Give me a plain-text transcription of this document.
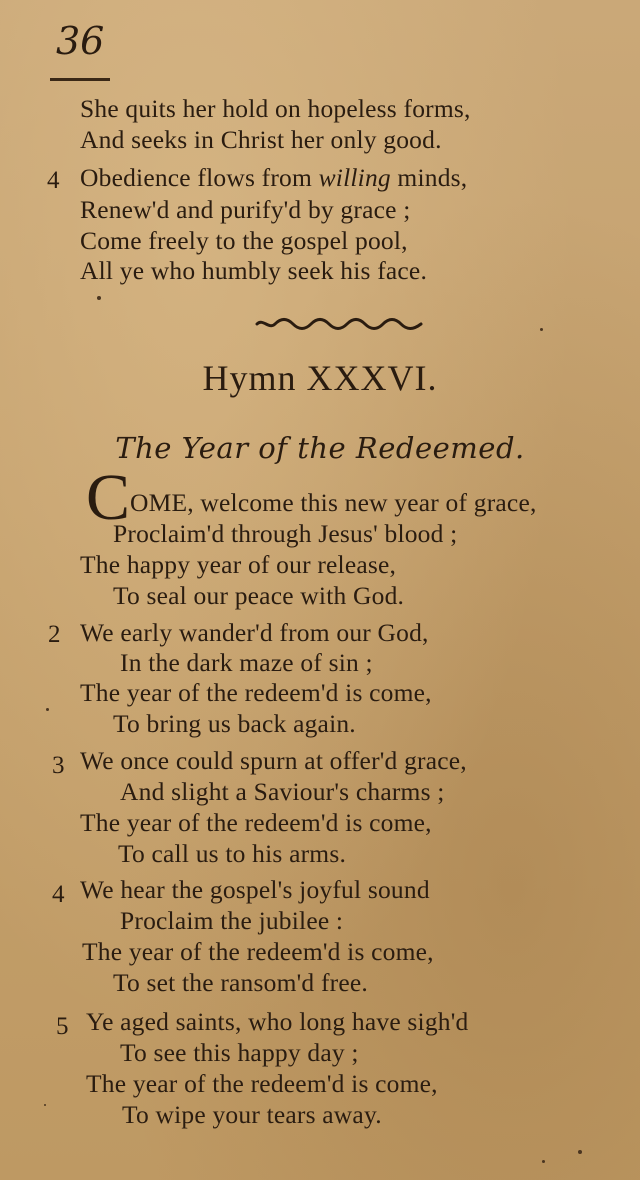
36
She quits her hold on hopeless forms,
And seeks in Christ her only good.
4 Obedience flows from willing minds,
Renew'd and purify'd by grace ;
Come freely to the gospel pool,
All ye who humbly seek his face.
Hymn XXXVI.
The Year of the Redeemed.
C OME, welcome this new year of grace,
Proclaim'd through Jesus' blood ;
The happy year of our release,
To seal our peace with God.
2 We early wander'd from our God,
In the dark maze of sin ;
The year of the redeem'd is come,
To bring us back again.
3 We once could spurn at offer'd grace,
And slight a Saviour's charms ;
The year of the redeem'd is come,
To call us to his arms.
4 We hear the gospel's joyful sound
Proclaim the jubilee :
The year of the redeem'd is come,
To set the ransom'd free.
5 Ye aged saints, who long have sigh'd
To see this happy day ;
The year of the redeem'd is come,
To wipe your tears away.
